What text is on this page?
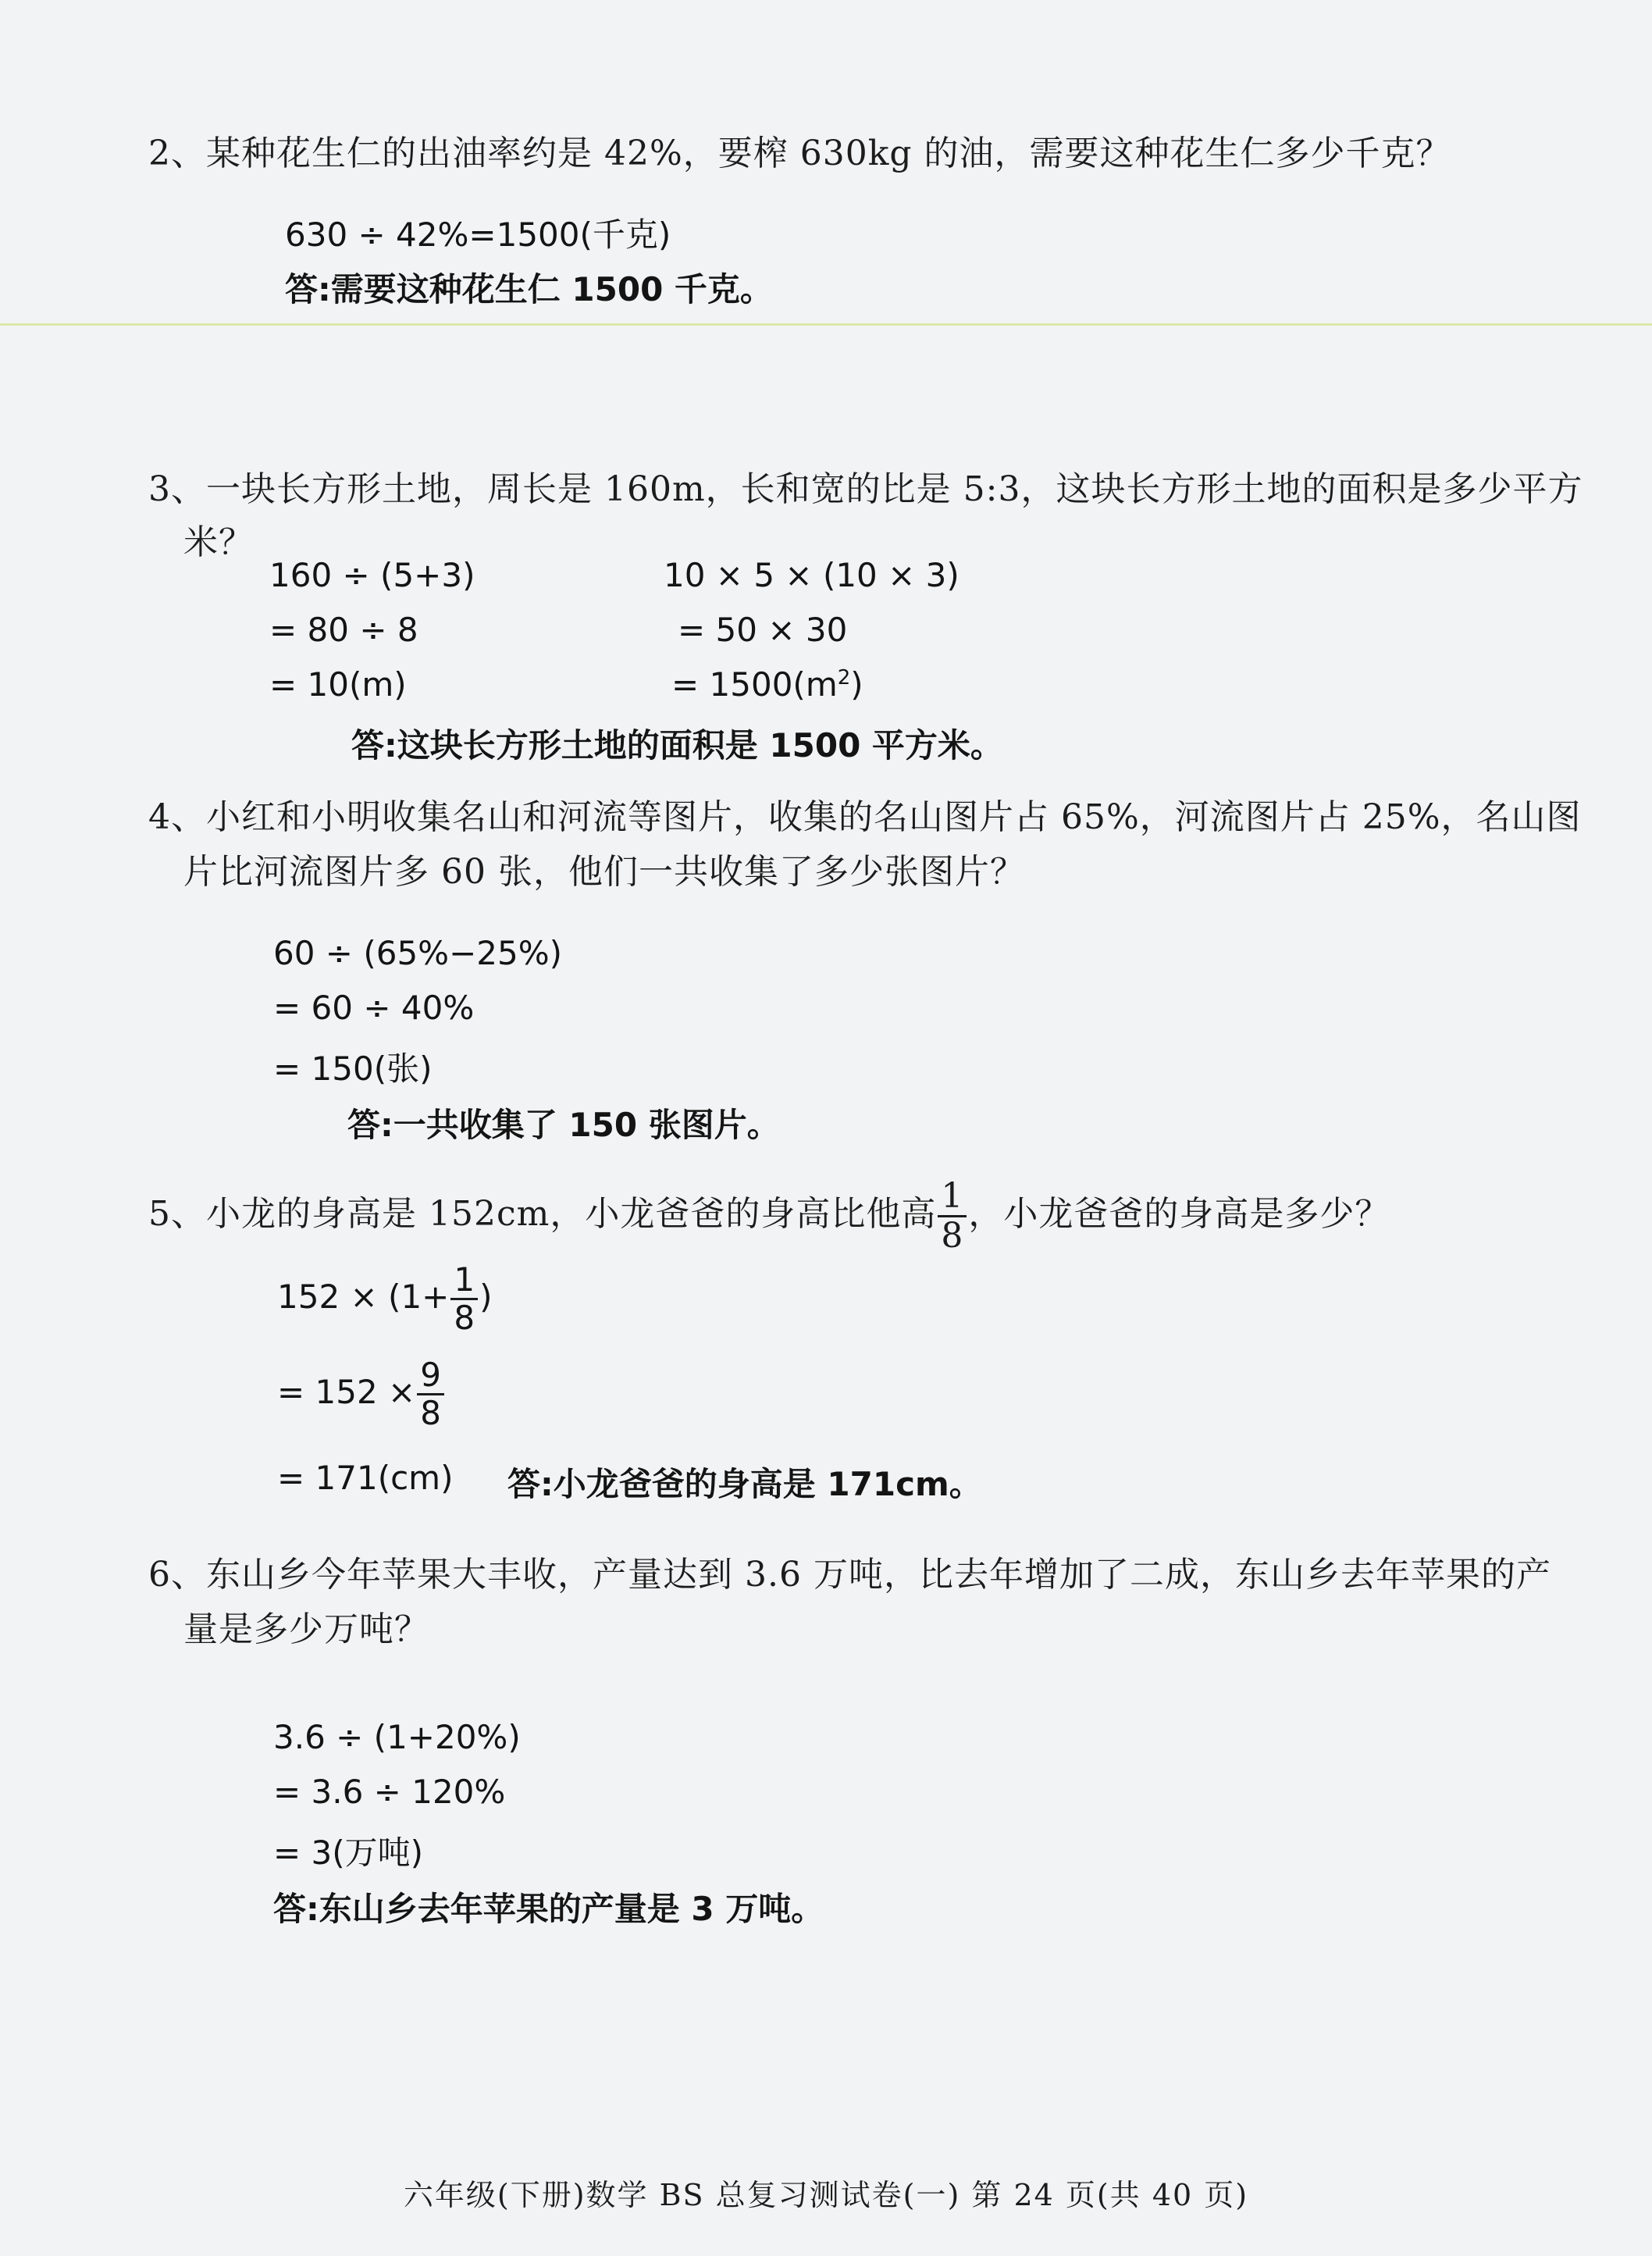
2、某种花生仁的出油率约是 42%，要榨 630kg 的油，需要这种花生仁多少千克？
630 ÷ 42%=1500(千克)
答:需要这种花生仁 1500 千克。
3、一块长方形土地，周长是 160m，长和宽的比是 5:3，这块长方形土地的面积是多少平方
米？
160 ÷ (5+3)
= 80 ÷ 8
= 10(m)
10 × 5 × (10 × 3)
= 50 × 30
= $1500(m^2)$
答:这块长方形土地的面积是 1500 平方米。
4、小红和小明收集名山和河流等图片，收集的名山图片占 65%，河流图片占 25%，名山图
片比河流图片多 60 张，他们一共收集了多少张图片？
60 ÷ (65%−25%)
= 60 ÷ 40%
= 150(张)
答:一共收集了 150 张图片。
5、小龙的身高是 152cm，小龙爸爸的身高比他高 $\frac{1}{8}$ ，小龙爸爸的身高是多少？
$152 \times (1+ \frac{1}{8}$ )
= $152 \times \frac{9}{8}$
= 171(cm) 答:小龙爸爸的身高是 171cm。
6、东山乡今年苹果大丰收，产量达到 3.6 万吨，比去年增加了二成，东山乡去年苹果的产
量是多少万吨？
3.6 ÷ (1+20%)
= 3.6 ÷ 120%
= 3(万吨)
答:东山乡去年苹果的产量是 3 万吨。
六年级(下册)数学 BS 总复习测试卷(一) 第 24 页(共 40 页)
